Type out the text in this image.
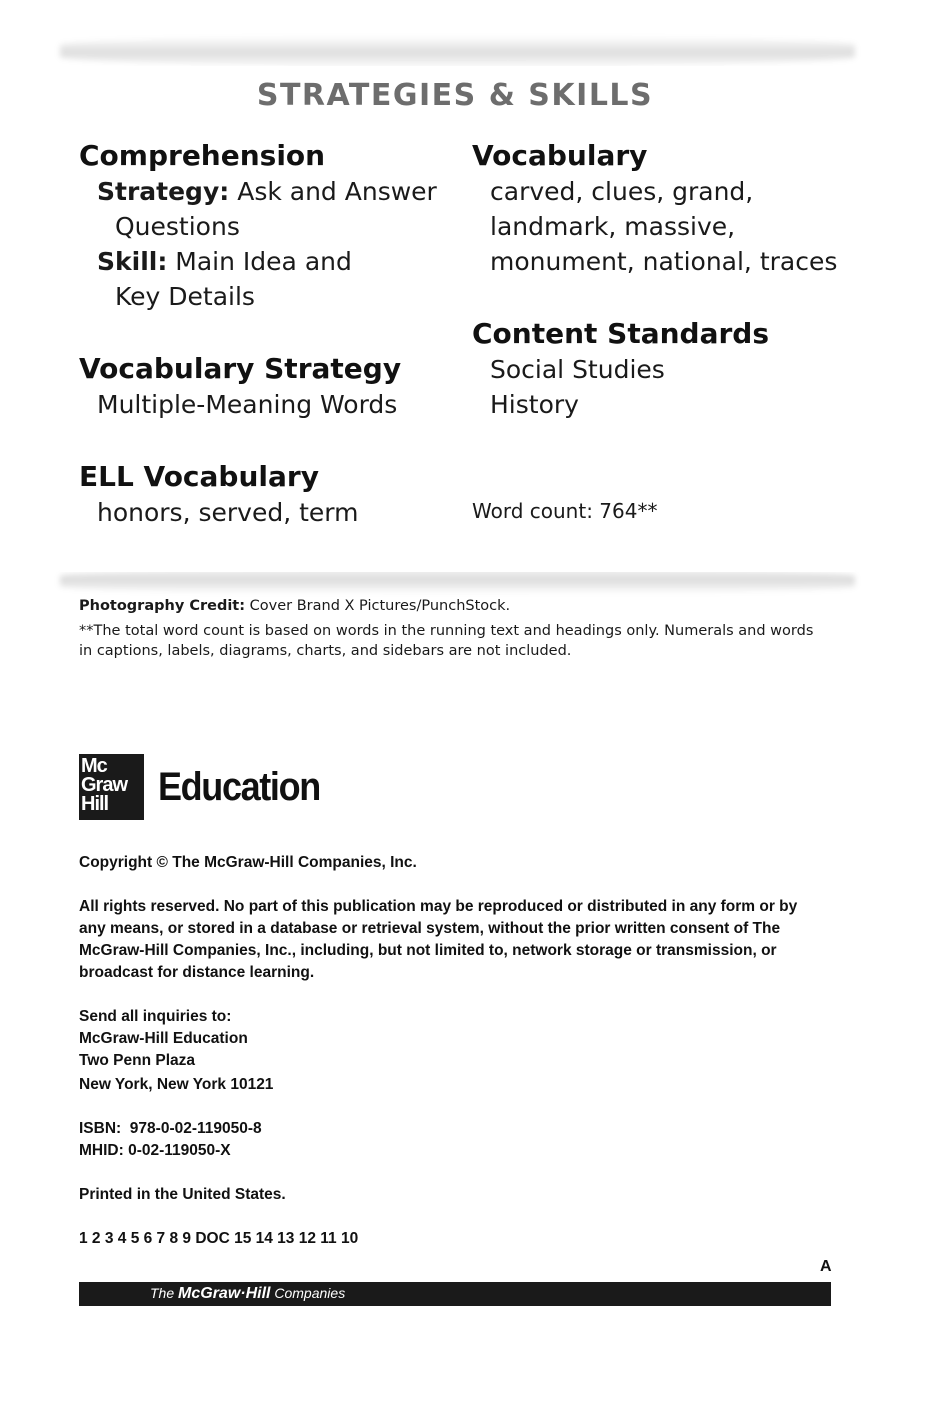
STRATEGIES & SKILLS
Comprehension
Strategy: Ask and Answer
Questions
Skill: Main Idea and
Key Details
Vocabulary Strategy
Multiple-Meaning Words
ELL Vocabulary
honors, served, term
Vocabulary
carved, clues, grand,
landmark, massive,
monument, national, traces
Content Standards
Social Studies
History
Word count: 764**
Photography Credit: Cover Brand X Pictures/PunchStock.
**The total word count is based on words in the running text and headings only. Numerals and words
in captions, labels, diagrams, charts, and sidebars are not included.
Mc
Graw
Hill	Education
Copyright © The McGraw-Hill Companies, Inc.
All rights reserved. No part of this publication may be reproduced or distributed in any form or by
any means, or stored in a database or retrieval system, without the prior written consent of The
McGraw-Hill Companies, Inc., including, but not limited to, network storage or transmission, or
broadcast for distance learning.
Send all inquiries to:
McGraw-Hill Education
Two Penn Plaza
New York, New York 10121
ISBN:  978-0-02-119050-8
MHID: 0-02-119050-X
Printed in the United States.
1 2 3 4 5 6 7 8 9 DOC 15 14 13 12 11 10
A
The McGraw·Hill Companies
